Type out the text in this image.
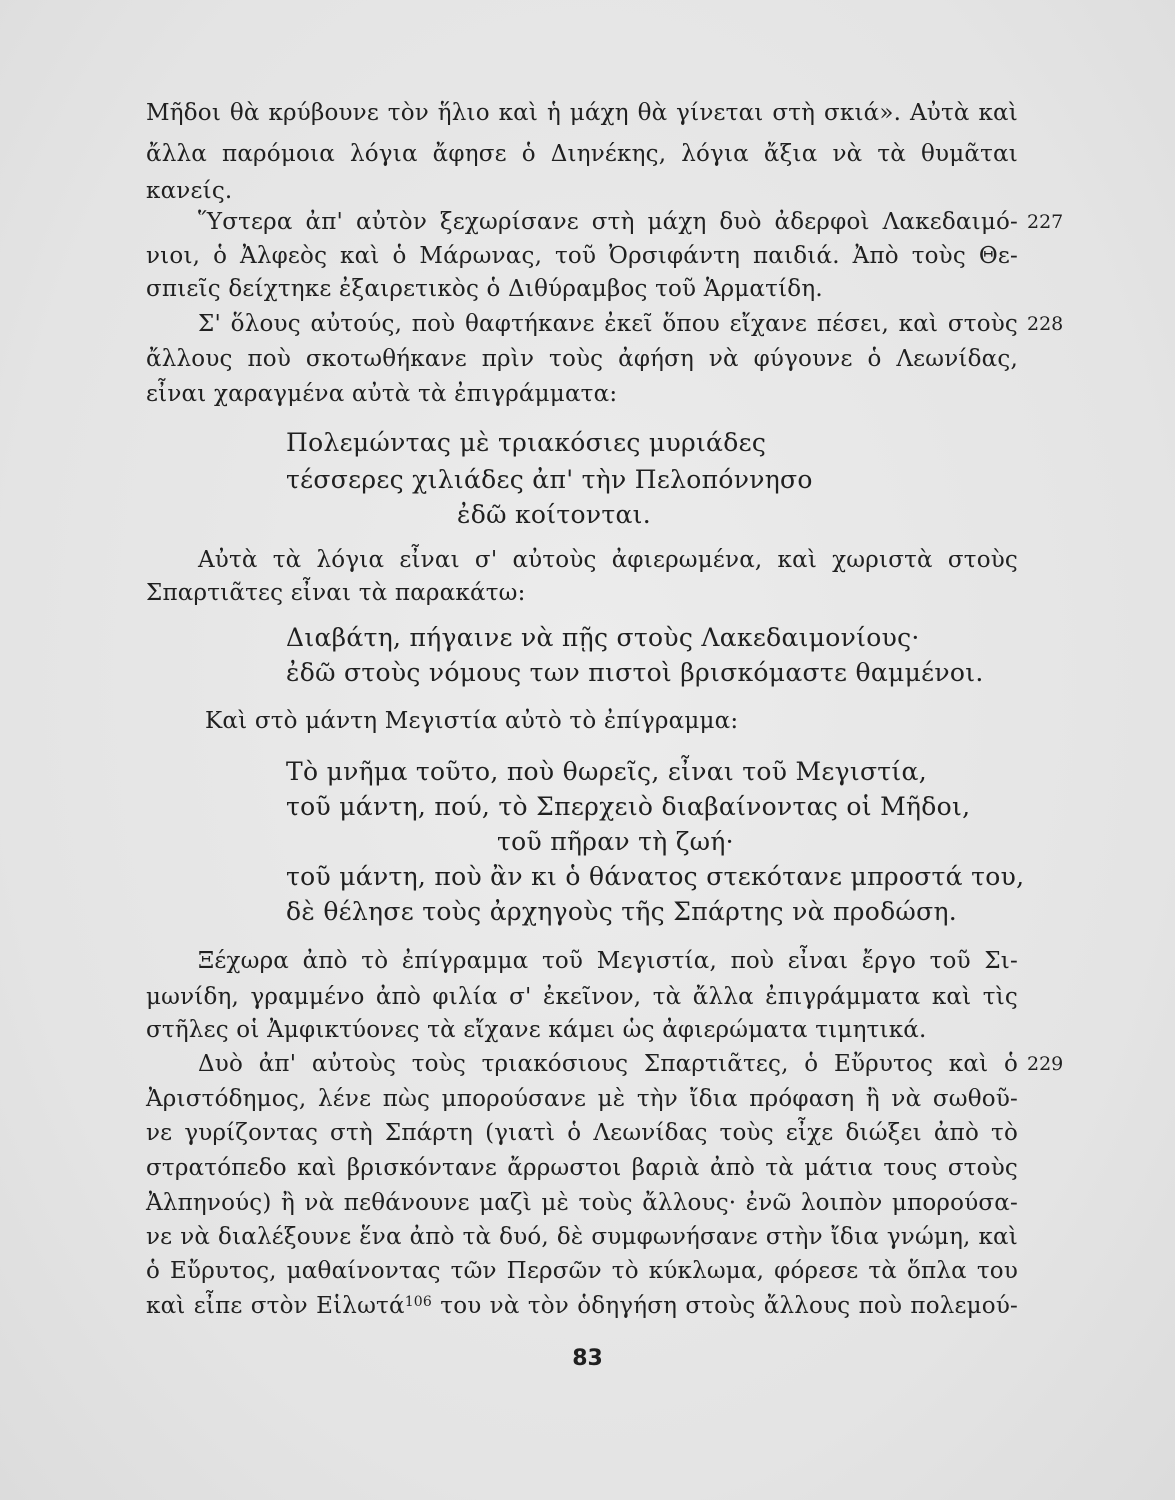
Μῆδοι θὰ κρύβουνε τὸν ἥλιο καὶ ἡ μάχη θὰ γίνεται στὴ σκιά». Αὐτὰ καὶ
ἄλλα παρόμοια λόγια ἄφησε ὁ Διηνέκης, λόγια ἄξια νὰ τὰ θυμᾶται
κανείς.
Ὕστερα ἀπ' αὐτὸν ξεχωρίσανε στὴ μάχη δυὸ ἀδερφοὶ Λακεδαιμό-
νιοι, ὁ Ἀλφεὸς καὶ ὁ Μάρωνας, τοῦ Ὀρσιφάντη παιδιά. Ἀπὸ τοὺς Θε-
σπιεῖς δείχτηκε ἐξαιρετικὸς ὁ Διθύραμβος τοῦ Ἁρματίδη.
Σ' ὅλους αὐτούς, ποὺ θαφτήκανε ἐκεῖ ὅπου εἴχανε πέσει, καὶ στοὺς
ἄλλους ποὺ σκοτωθήκανε πρὶν τοὺς ἀφήση νὰ φύγουνε ὁ Λεωνίδας,
εἶναι χαραγμένα αὐτὰ τὰ ἐπιγράμματα:
Πολεμώντας μὲ τριακόσιες μυριάδες
τέσσερες χιλιάδες ἀπ' τὴν Πελοπόννησο
ἐδῶ κοίτονται.
Αὐτὰ τὰ λόγια εἶναι σ' αὐτοὺς ἀφιερωμένα, καὶ χωριστὰ στοὺς
Σπαρτιᾶτες εἶναι τὰ παρακάτω:
Διαβάτη, πήγαινε νὰ πῇς στοὺς Λακεδαιμονίους·
ἐδῶ στοὺς νόμους των πιστοὶ βρισκόμαστε θαμμένοι.
Καὶ στὸ μάντη Μεγιστία αὐτὸ τὸ ἐπίγραμμα:
Τὸ μνῆμα τοῦτο, ποὺ θωρεῖς, εἶναι τοῦ Μεγιστία,
τοῦ μάντη, πού, τὸ Σπερχειὸ διαβαίνοντας οἱ Μῆδοι,
τοῦ πῆραν τὴ ζωή·
τοῦ μάντη, ποὺ ἂν κι ὁ θάνατος στεκότανε μπροστά του,
δὲ θέλησε τοὺς ἀρχηγοὺς τῆς Σπάρτης νὰ προδώση.
Ξέχωρα ἀπὸ τὸ ἐπίγραμμα τοῦ Μεγιστία, ποὺ εἶναι ἔργο τοῦ Σι-
μωνίδη, γραμμένο ἀπὸ φιλία σ' ἐκεῖνον, τὰ ἄλλα ἐπιγράμματα καὶ τὶς
στῆλες οἱ Ἀμφικτύονες τὰ εἴχανε κάμει ὡς ἀφιερώματα τιμητικά.
Δυὸ ἀπ' αὐτοὺς τοὺς τριακόσιους Σπαρτιᾶτες, ὁ Εὔρυτος καὶ ὁ
Ἀριστόδημος, λένε πὼς μπορούσανε μὲ τὴν ἴδια πρόφαση ἢ νὰ σωθοῦ-
νε γυρίζοντας στὴ Σπάρτη (γιατὶ ὁ Λεωνίδας τοὺς εἶχε διώξει ἀπὸ τὸ
στρατόπεδο καὶ βρισκόντανε ἄρρωστοι βαριὰ ἀπὸ τὰ μάτια τους στοὺς
Ἀλπηνούς) ἢ νὰ πεθάνουνε μαζὶ μὲ τοὺς ἄλλους· ἐνῶ λοιπὸν μπορούσα-
νε νὰ διαλέξουνε ἕνα ἀπὸ τὰ δυό, δὲ συμφωνήσανε στὴν ἴδια γνώμη, καὶ
ὁ Εὔρυτος, μαθαίνοντας τῶν Περσῶν τὸ κύκλωμα, φόρεσε τὰ ὅπλα του
καὶ εἶπε στὸν Εἱλωτά$^{106}$ του νὰ τὸν ὁδηγήση στοὺς ἄλλους ποὺ πολεμού-
227
228
229
83
